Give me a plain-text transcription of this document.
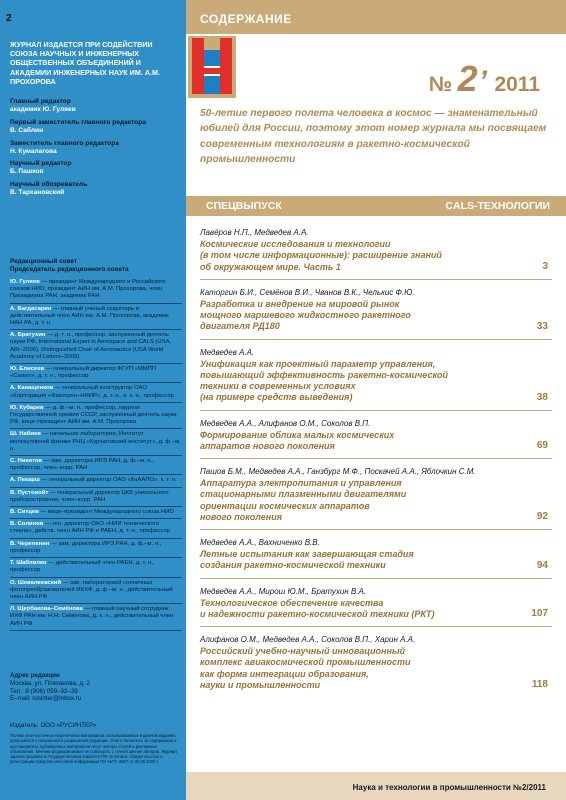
2
ЖУРНАЛ ИЗДАЕТСЯ ПРИ СОДЕЙСТВИИ СОЮЗА НАУЧНЫХ И ИНЖЕНЕРНЫХ ОБЩЕСТВЕННЫХ ОБЪЕДИНЕНИЙ И АКАДЕМИИ ИНЖЕНЕРНЫХ НАУК ИМ. А.М. ПРОХОРОВА
Главный редактор
академик Ю. Гуляев
Первый заместитель главного редактора
В. Саблин
Заместитель главного редактора
Н. Кумалагова
Научный редактор
Б. Пашков
Научный обозреватель
В. Тархановский
Редакционный совет
Председатель редакционного совета
Ю. Гуляев — президент Международного и Российского союзов НИО, президент АИН им. А.М. Прохорова, член Президиума РАН, академик РАН
А. Багдасарян — главный ученый секретарь и действительный член АИН им. А.М. Прохорова, академик НАН РА, д. т. н.
А. Братухин — д. т. н., профессор, заслуженный деятель науки РФ, International Expert in Aerospace and CALS (USA, ABI–2006), Distinguished Chair of Aeronautics (USA World Academy of Letters–2009)
Ю. Елисеев — генеральный директор ФГУП «ММПП «Салют», д. т. н., профессор
А. Канащенков — генеральный конструктор ОАО «Корпорация «Фазотрон–НИИР», д. т. н., к. э. н., профессор
Ю. Кубарев — д. ф.–м. н., профессор, лауреат Государственной премии СССР, заслуженный деятель науки РФ, вице–президент АИН им. А.М. Прохорова
Ш. Набиев — начальник лаборатории, Институт молекулярной физики РНЦ «Курчатовский институт», д. ф.–м. н.
С. Никитов — зам. директора ИРЭ РАН, д. ф.–м. н., профессор, член–корр. РАН
А. Пекарш — генеральный директор ОАО «КнААПО», к. т. н.
В. Пустовойт — генеральный директор ЦКБ уникального приборостроения, член–корр. РАН
В. Ситцев — вице–президент Международного союза НИО
В. Солинов — ген. директор ОАО «НИИ технического стекла», действ. член АИН РФ и РАЕН, д. т. н., профессор
В. Черепенин — зам. директора ИРЭ РАН, д. ф.–м. н., профессор
Т. Шаблилко — действительный член РАЕН, д. т. н., профессор
О. Шевалеевский — зав. лабораторией солнечных фотопреобразователей ИБХФ, д. ф.–м. н., действительный член АИН РФ
Л. Щербакова–Семёнова — главный научный сотрудник ИХФ РАН им. Н.Н. Семёнова, д. х. н., действительный член АИН РФ
Адрес редакции
Москва, ул. Плеханова, д. 2
Тел.: 8 (906) 059–32–39
E–mail: rusinter@inbox.ru
Издатель: ООО «РУСИНТЕР»
Полное или частичное перепечатка материалов, использованных в данном издании, допускается с письменного разрешения редакции. Ответственность за содержание и достоверность публикуемых материалов несут авторы статей и рекламные объявления. Мнение редакции может не совпадать с точкой зрения авторов. Журнал зарегистрирован в Государственном комитете РФ по печати. Свидетельство о регистрации средства массовой информации ПИ №77–3887 от 30.06.2000 г.
СОДЕРЖАНИЕ
№ 2’ 2011
50-летие первого полета человека в космос — знаменательный юбилей для России, поэтому этот номер журнала мы посвящаем современным технологиям в ракетно-космической промышленности
СПЕЦВЫПУСК	CALS-ТЕХНОЛОГИИ
Лавёров Н.П., Медведев А.А.
Космические исследования и технологии
(в том числе информационные): расширение знаний
об окружающем мире. Часть 1	3
Каторгин Б.И., Семёнов В.И., Чванов В.К., Челькис Ф.Ю.
Разработка и внедрение на мировой рынок
мощного маршевого жидкостного ракетного
двигателя РД180	33
Медведев А.А.
Унификация как проектный параметр управления,
повышающий эффективность ракетно-космической
техники в современных условиях
(на примере средств выведения)	38
Медведев А.А., Алифанов О.М., Соколов В.П.
Формирование облика малых космических
аппаратов нового поколения	69
Пашов Б.М., Медведев А.А., Ганзбург М.Ф., Поскачей А.А., Яблочкин С.М.
Аппаратура электропитания и управления
стационарными плазменными двигателями
ориентации космических аппаратов
нового поколения	92
Медведев А.А., Вахниченко В.В.
Летные испытания как завершающая стадия
создания ракетно-космической техники	94
Медведев А.А., Мирош Ю.М., Братухин В.А.
Технологическое обеспечение качества
и надежности ракетно-космической техники (РКТ)	107
Алифанов О.М., Медведев А.А., Соколов В.П., Харин А.А.
Российский учебно-научный инновационный
комплекс авиакосмической промышленности
как форма интеграции образования,
науки и промышленности	118
Наука и технологии в промышленности №2/2011
